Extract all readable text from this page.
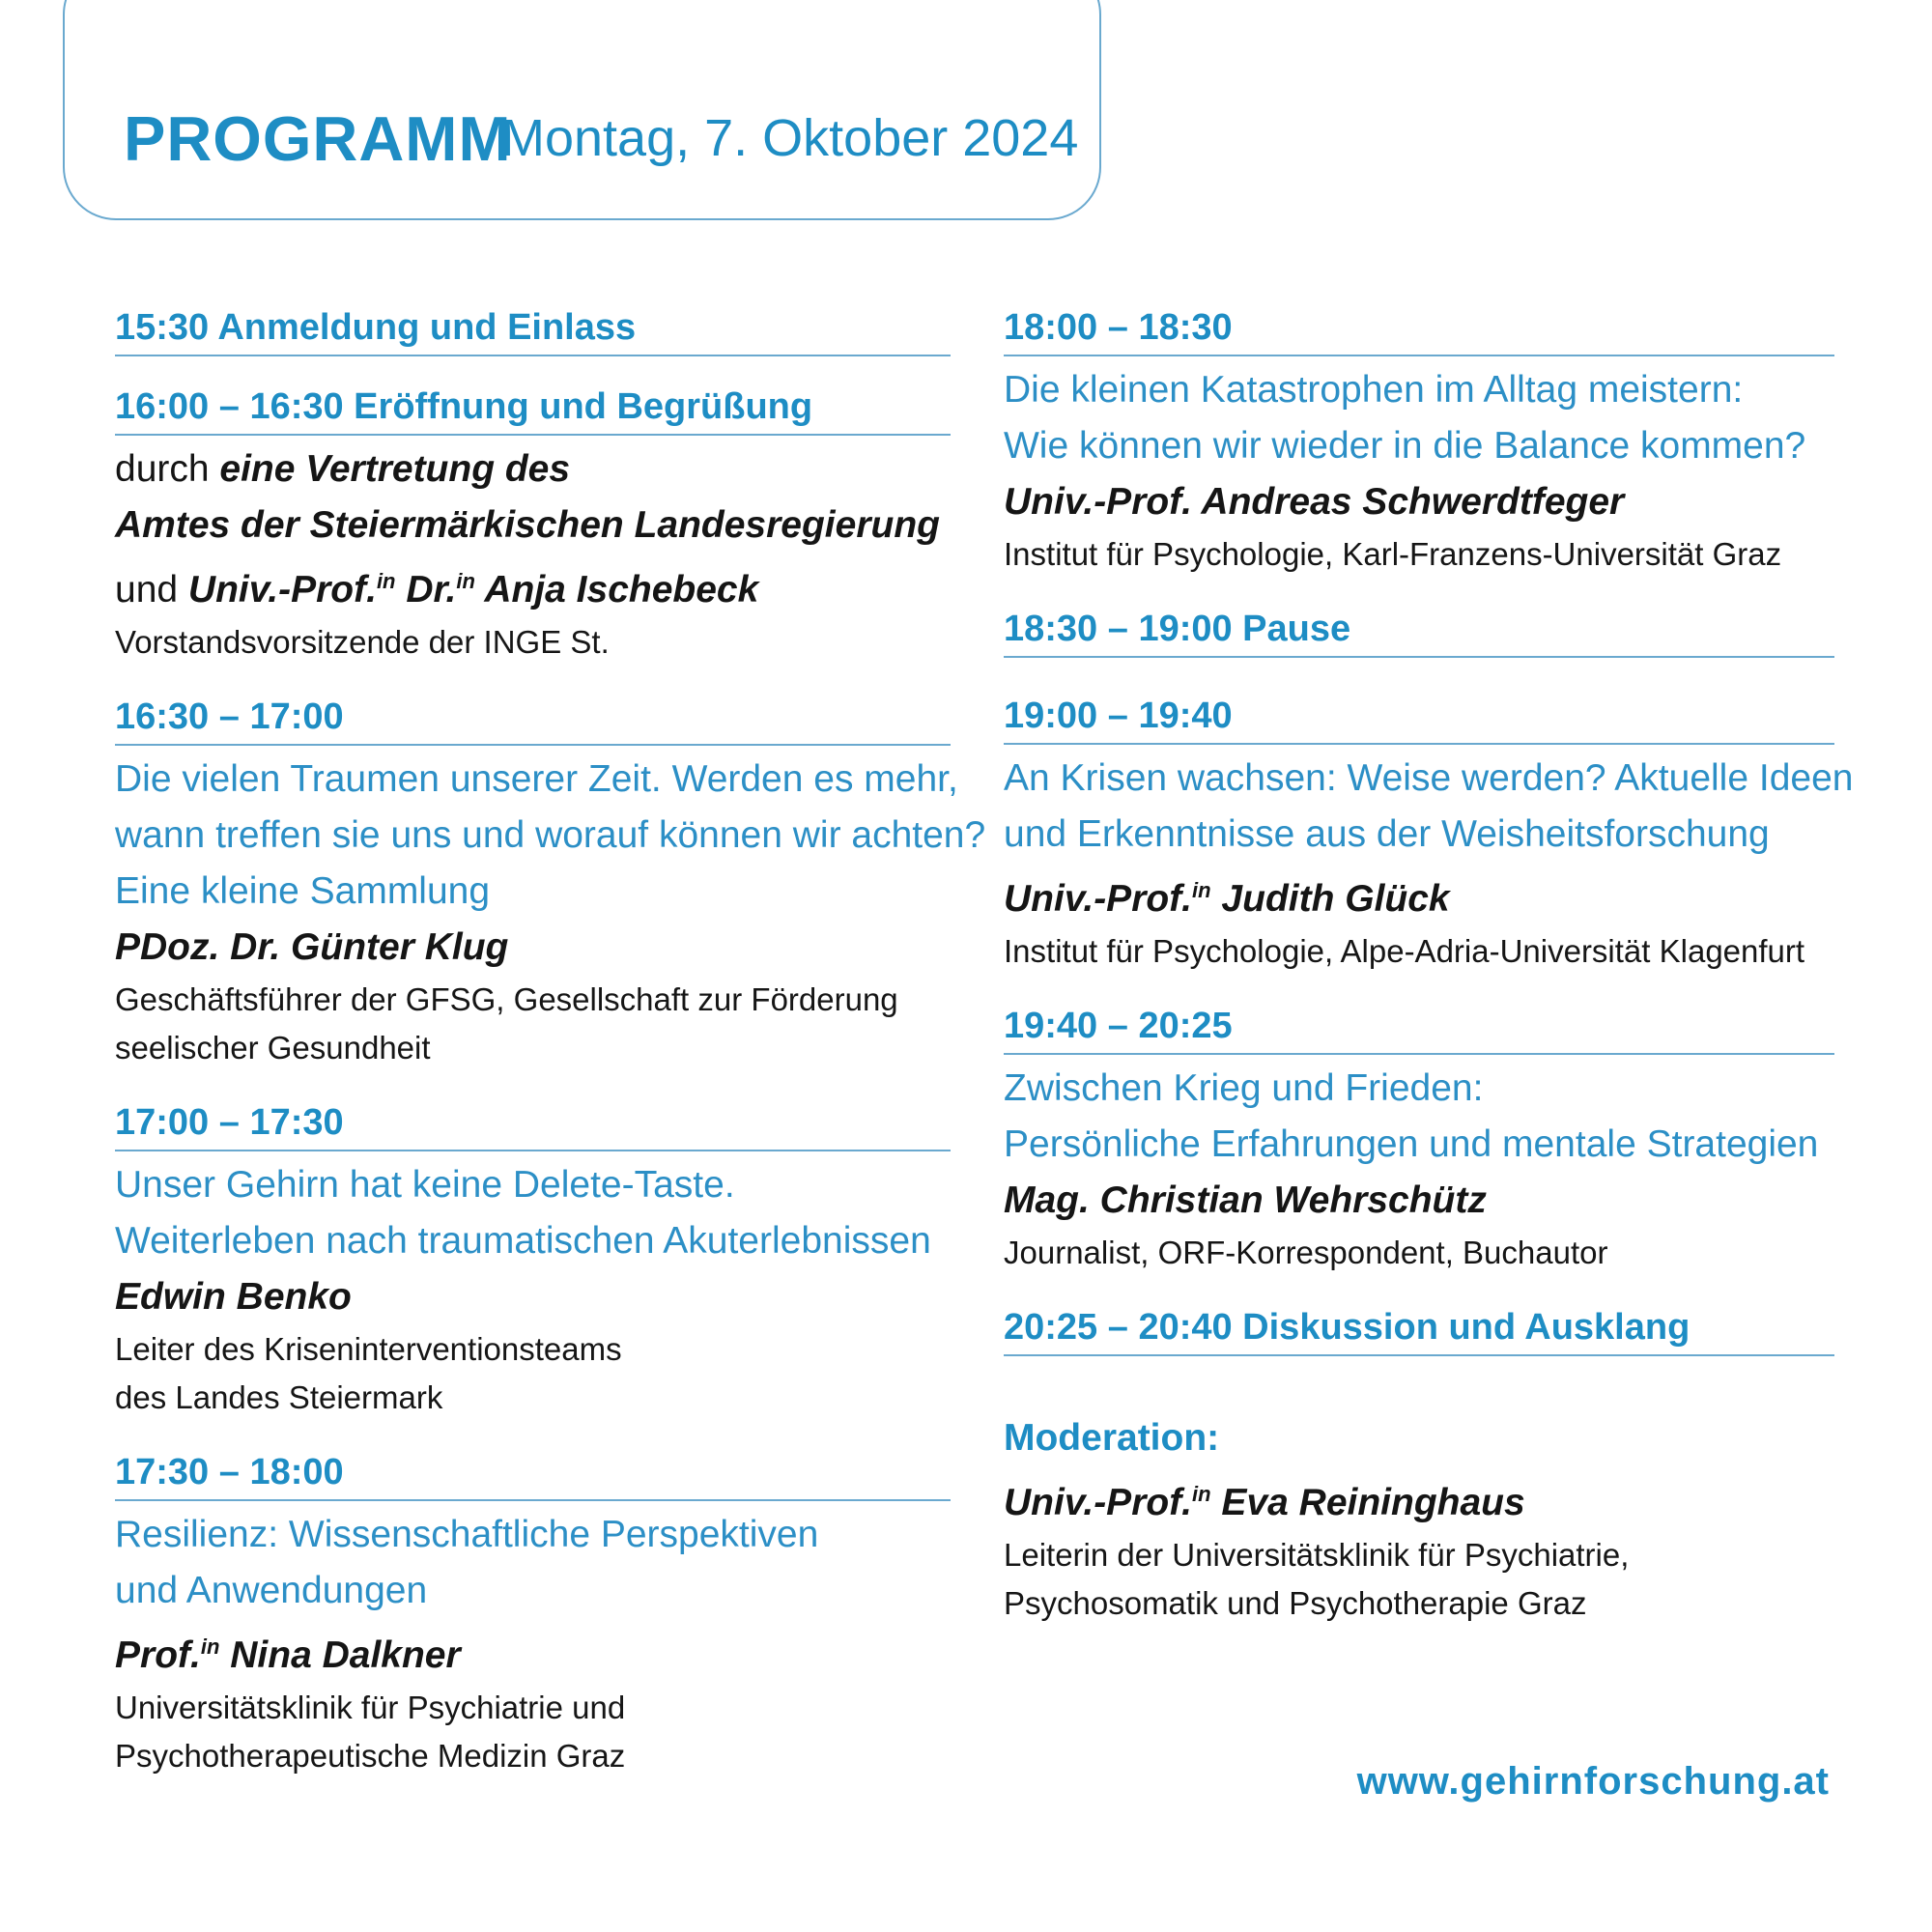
PROGRAMM
Montag, 7. Oktober 2024
15:30 Anmeldung und Einlass
16:00 – 16:30 Eröffnung und Begrüßung
durch eine Vertretung des
Amtes der Steiermärkischen Landesregierung
und Univ.-Prof.$^{in}$ Dr.$^{in}$ Anja Ischebeck
Vorstandsvorsitzende der INGE St.
16:30 – 17:00
Die vielen Traumen unserer Zeit. Werden es mehr,
wann treffen sie uns und worauf können wir achten?
Eine kleine Sammlung
PDoz. Dr. Günter Klug
Geschäftsführer der GFSG, Gesellschaft zur Förderung
seelischer Gesundheit
17:00 – 17:30
Unser Gehirn hat keine Delete-Taste.
Weiterleben nach traumatischen Akuterlebnissen
Edwin Benko
Leiter des Kriseninterventionsteams
des Landes Steiermark
17:30 – 18:00
Resilienz: Wissenschaftliche Perspektiven
und Anwendungen
Prof.$^{in}$ Nina Dalkner
Universitätsklinik für Psychiatrie und
Psychotherapeutische Medizin Graz
18:00 – 18:30
Die kleinen Katastrophen im Alltag meistern:
Wie können wir wieder in die Balance kommen?
Univ.-Prof. Andreas Schwerdtfeger
Institut für Psychologie, Karl-Franzens-Universität Graz
18:30 – 19:00 Pause
19:00 – 19:40
An Krisen wachsen: Weise werden? Aktuelle Ideen
und Erkenntnisse aus der Weisheitsforschung
Univ.-Prof.$^{in}$ Judith Glück
Institut für Psychologie, Alpe-Adria-Universität Klagenfurt
19:40 – 20:25
Zwischen Krieg und Frieden:
Persönliche Erfahrungen und mentale Strategien
Mag. Christian Wehrschütz
Journalist, ORF-Korrespondent, Buchautor
20:25 – 20:40 Diskussion und Ausklang
Moderation:
Univ.-Prof.$^{in}$ Eva Reininghaus
Leiterin der Universitätsklinik für Psychiatrie,
Psychosomatik und Psychotherapie Graz
www.gehirnforschung.at
